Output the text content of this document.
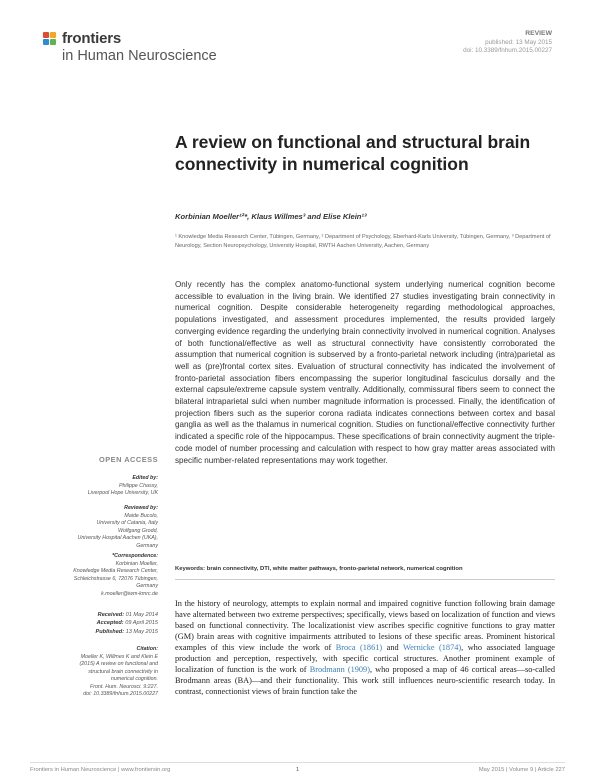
frontiers
in Human Neuroscience
REVIEW
published: 13 May 2015
doi: 10.3389/fnhum.2015.00227
A review on functional and structural brain connectivity in numerical cognition
Korbinian Moeller¹²*, Klaus Willmes³ and Elise Klein¹³
¹ Knowledge Media Research Center, Tübingen, Germany, ² Department of Psychology, Eberhard-Karls University, Tübingen, Germany, ³ Department of Neurology, Section Neuropsychology, University Hospital, RWTH Aachen University, Aachen, Germany
Only recently has the complex anatomo-functional system underlying numerical cognition become accessible to evaluation in the living brain. We identified 27 studies investigating brain connectivity in numerical cognition. Despite considerable heterogeneity regarding methodological approaches, populations investigated, and assessment procedures implemented, the results provided largely converging evidence regarding the underlying brain connectivity involved in numerical cognition. Analyses of both functional/effective as well as structural connectivity have consistently corroborated the assumption that numerical cognition is subserved by a fronto-parietal network including (intra)parietal as well as (pre)frontal cortex sites. Evaluation of structural connectivity has indicated the involvement of fronto-parietal association fibers encompassing the superior longitudinal fasciculus dorsally and the external capsule/extreme capsule system ventrally. Additionally, commissural fibers seem to connect the bilateral intraparietal sulci when number magnitude information is processed. Finally, the identification of projection fibers such as the superior corona radiata indicates connections between cortex and basal ganglia as well as the thalamus in numerical cognition. Studies on functional/effective connectivity further indicated a specific role of the hippocampus. These specifications of brain connectivity augment the triple-code model of number processing and calculation with respect to how gray matter areas associated with specific number-related representations may work together.
Keywords: brain connectivity, DTI, white matter pathways, fronto-parietal network, numerical cognition
In the history of neurology, attempts to explain normal and impaired cognitive function following brain damage have alternated between two extreme perspectives; specifically, views based on localization of function and views based on functional connectivity. The localizationist view ascribes specific cognitive functions to gray matter (GM) brain areas with cognitive impairments attributed to lesions of these specific areas. Prominent historical examples of this view include the work of Broca (1861) and Wernicke (1874), who associated language production and perception, respectively, with specific cortical structures. Another prominent example of localization of function is the work of Brodmann (1909), who proposed a map of 46 cortical areas—so-called Brodmann areas (BA)—and their functionality. This work still influences neuro-scientific research today. In contrast, connectionist views of brain function take the
OPEN ACCESS
Edited by:
Philippe Chassy,
Liverpool Hope University, UK
Reviewed by:
Maide Bucolo,
University of Catania, Italy
Wolfgang Grodd,
University Hospital Aachen (UKA),
Germany
*Correspondence:
Korbinian Moeller,
Knowledge Media Research Center,
Schleichstrasse 6, 72076 Tübingen,
Germany
k.moeller@iwm-kmrc.de
Received: 01 May 2014
Accepted: 09 April 2015
Published: 13 May 2015
Citation:
Moeller K, Willmes K and Klein E
(2015) A review on functional and
structural brain connectivity in
numerical cognition.
Front. Hum. Neurosci. 9:227.
doi: 10.3389/fnhum.2015.00227
Frontiers in Human Neuroscience | www.frontiersin.org	1	May 2015 | Volume 9 | Article 227
